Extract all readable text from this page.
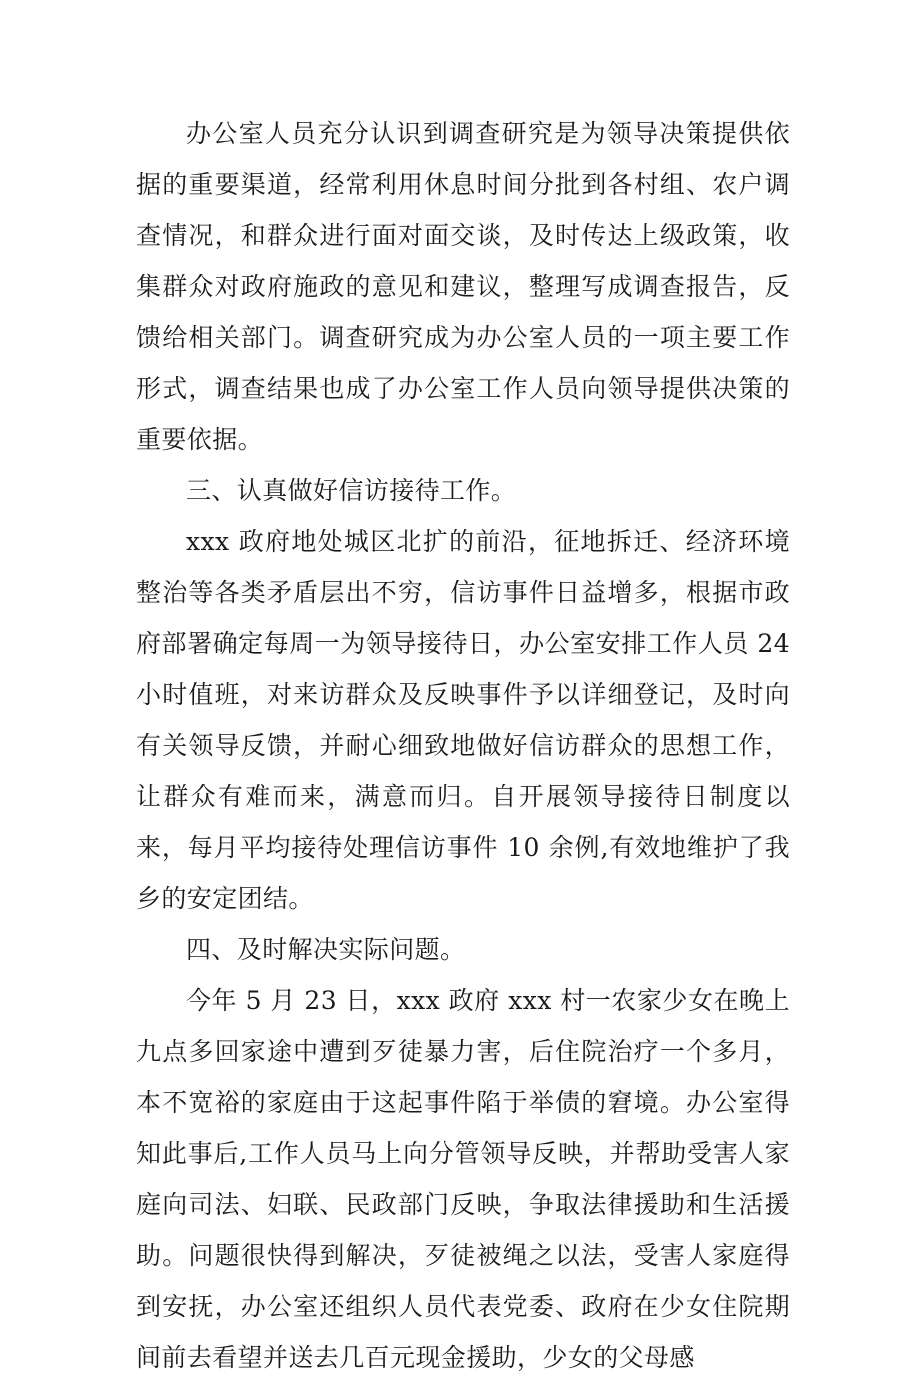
办公室人员充分认识到调查研究是为领导决策提供依据的重要渠道，经常利用休息时间分批到各村组、农户调查情况，和群众进行面对面交谈，及时传达上级政策，收集群众对政府施政的意见和建议，整理写成调查报告，反馈给相关部门。调查研究成为办公室人员的一项主要工作形式，调查结果也成了办公室工作人员向领导提供决策的重要依据。

三、认真做好信访接待工作。

xxx 政府地处城区北扩的前沿，征地拆迁、经济环境整治等各类矛盾层出不穷，信访事件日益增多，根据市政府部署确定每周一为领导接待日，办公室安排工作人员 24 小时值班，对来访群众及反映事件予以详细登记，及时向有关领导反馈，并耐心细致地做好信访群众的思想工作，让群众有难而来，满意而归。自开展领导接待日制度以来，每月平均接待处理信访事件 10 余例,有效地维护了我乡的安定团结。

四、及时解决实际问题。

今年 5 月 23 日，xxx 政府 xxx 村一农家少女在晚上九点多回家途中遭到歹徒暴力害，后住院治疗一个多月，本不宽裕的家庭由于这起事件陷于举债的窘境。办公室得知此事后,工作人员马上向分管领导反映，并帮助受害人家庭向司法、妇联、民政部门反映，争取法律援助和生活援助。问题很快得到解决，歹徒被绳之以法，受害人家庭得到安抚，办公室还组织人员代表党委、政府在少女住院期间前去看望并送去几百元现金援助，少女的父母感
